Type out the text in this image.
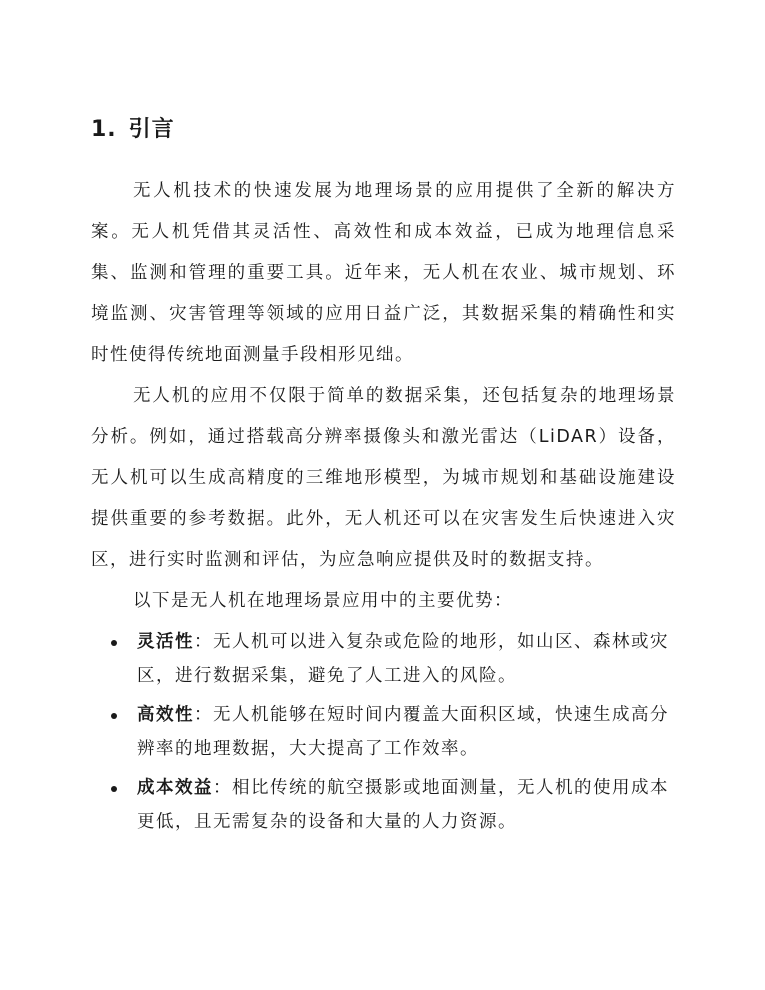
1. 引言

无人机技术的快速发展为地理场景的应用提供了全新的解决方案。无人机凭借其灵活性、高效性和成本效益，已成为地理信息采集、监测和管理的重要工具。近年来，无人机在农业、城市规划、环境监测、灾害管理等领域的应用日益广泛，其数据采集的精确性和实时性使得传统地面测量手段相形见绌。

无人机的应用不仅限于简单的数据采集，还包括复杂的地理场景分析。例如，通过搭载高分辨率摄像头和激光雷达（LiDAR）设备，无人机可以生成高精度的三维地形模型，为城市规划和基础设施建设提供重要的参考数据。此外，无人机还可以在灾害发生后快速进入灾区，进行实时监测和评估，为应急响应提供及时的数据支持。

以下是无人机在地理场景应用中的主要优势：

灵活性：无人机可以进入复杂或危险的地形，如山区、森林或灾区，进行数据采集，避免了人工进入的风险。
高效性：无人机能够在短时间内覆盖大面积区域，快速生成高分辨率的地理数据，大大提高了工作效率。
成本效益：相比传统的航空摄影或地面测量，无人机的使用成本更低，且无需复杂的设备和大量的人力资源。
